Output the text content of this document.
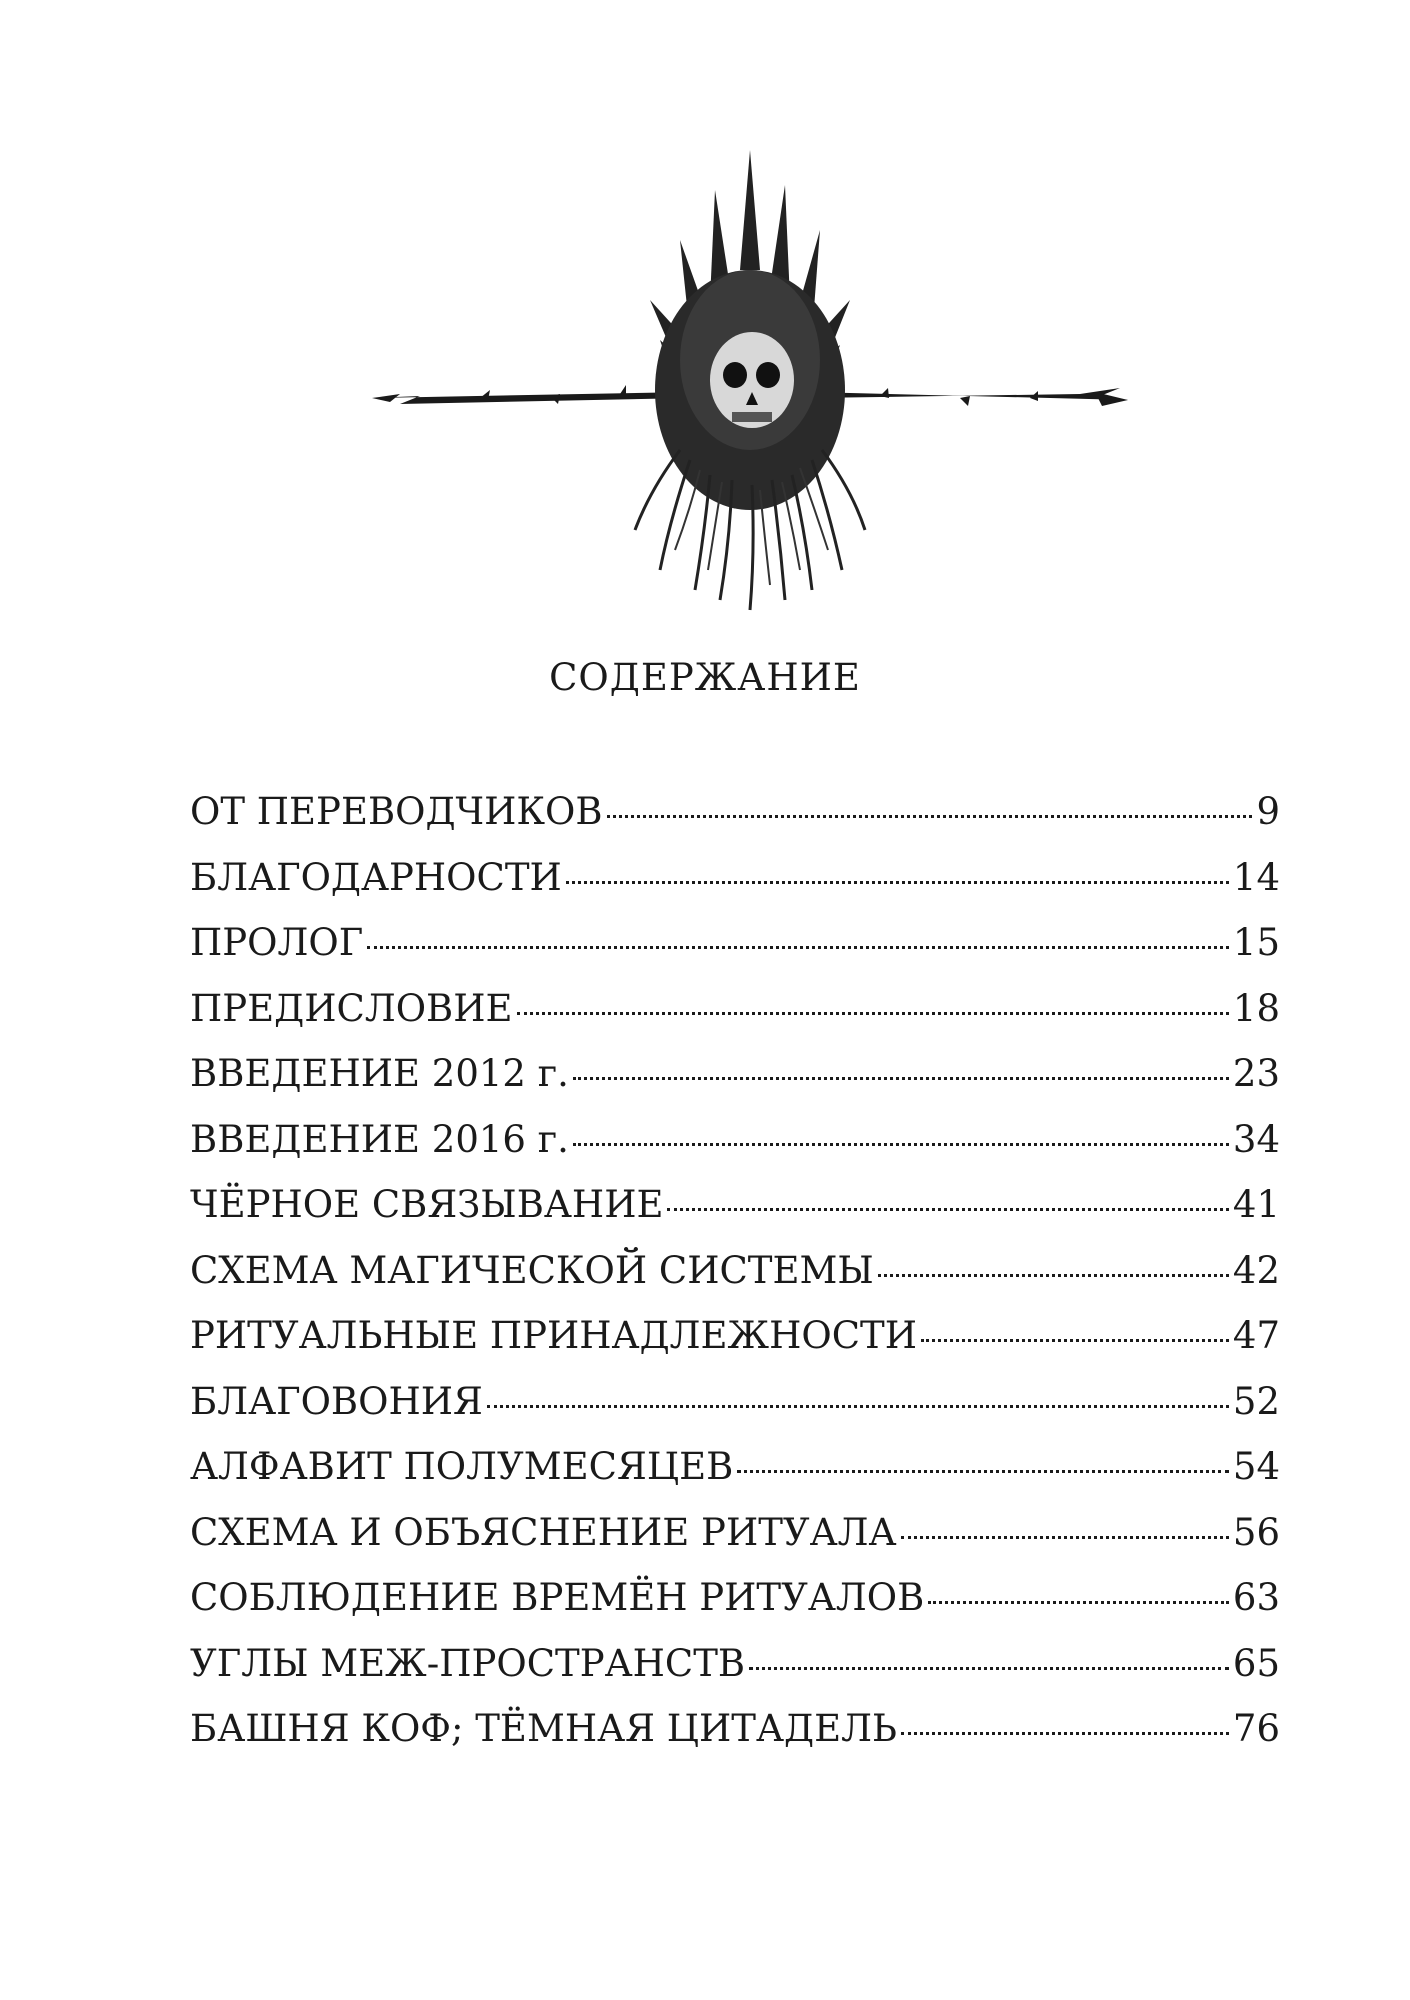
СОДЕРЖАНИЕ
ОТ ПЕРЕВОДЧИКОВ	9
БЛАГОДАРНОСТИ	14
ПРОЛОГ	15
ПРЕДИСЛОВИЕ	18
ВВЕДЕНИЕ 2012 г.	23
ВВЕДЕНИЕ 2016 г.	34
ЧЁРНОЕ СВЯЗЫВАНИЕ	41
СХЕМА МАГИЧЕСКОЙ СИСТЕМЫ	42
РИТУАЛЬНЫЕ ПРИНАДЛЕЖНОСТИ	47
БЛАГОВОНИЯ	52
АЛФАВИТ ПОЛУМЕСЯЦЕВ	54
СХЕМА И ОБЪЯСНЕНИЕ РИТУАЛА	56
СОБЛЮДЕНИЕ ВРЕМЁН РИТУАЛОВ	63
УГЛЫ МЕЖ-ПРОСТРАНСТВ	65
БАШНЯ КОФ; ТЁМНАЯ ЦИТАДЕЛЬ	76
